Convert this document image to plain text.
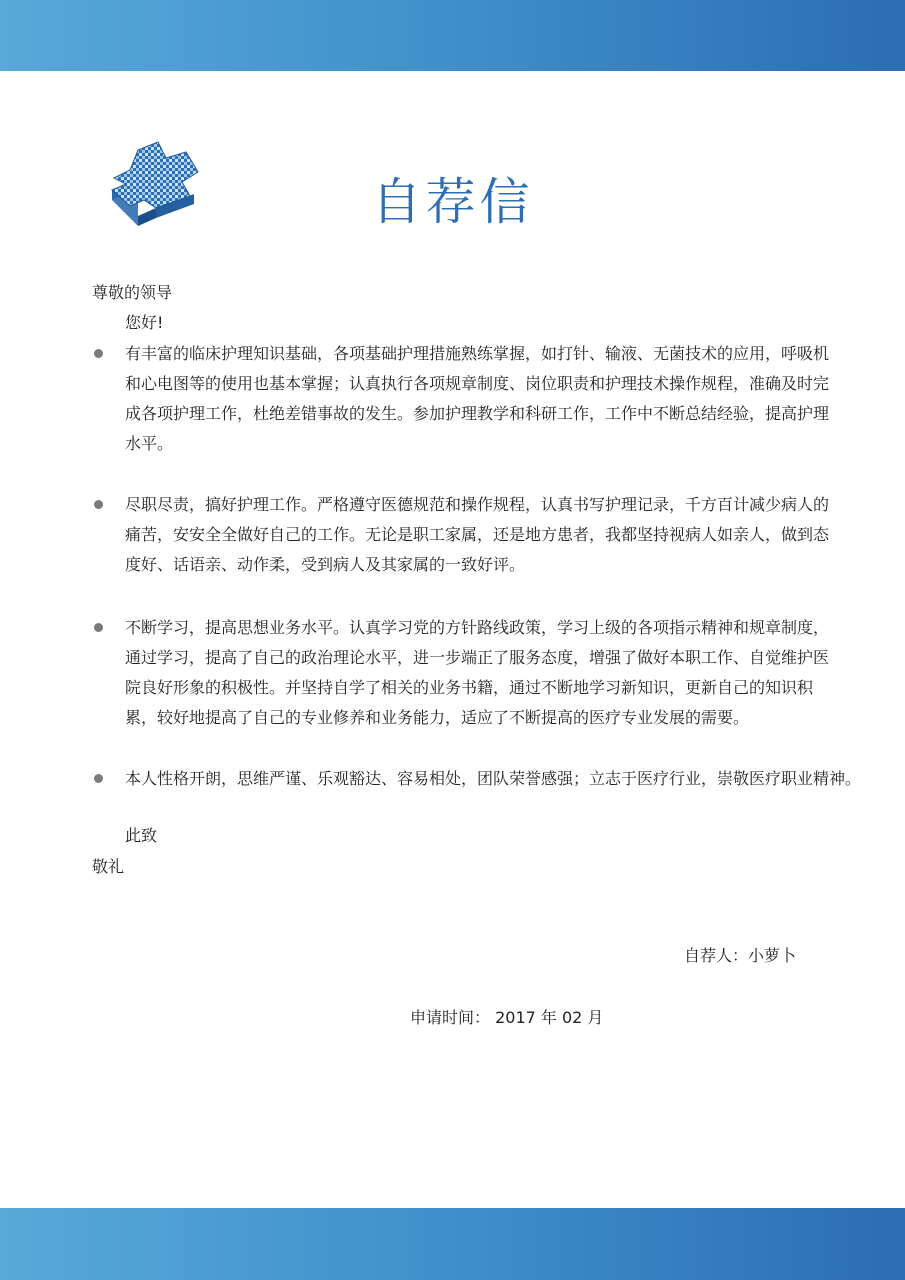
自荐信
尊敬的领导
您好!
有丰富的临床护理知识基础，各项基础护理措施熟练掌握，如打针、输液、无菌技术的应用，呼吸机和心电图等的使用也基本掌握；认真执行各项规章制度、岗位职责和护理技术操作规程，准确及时完成各项护理工作，杜绝差错事故的发生。参加护理教学和科研工作，工作中不断总结经验，提高护理水平。
尽职尽责，搞好护理工作。严格遵守医德规范和操作规程，认真书写护理记录，千方百计减少病人的痛苦，安安全全做好自己的工作。无论是职工家属，还是地方患者，我都坚持视病人如亲人，做到态度好、话语亲、动作柔，受到病人及其家属的一致好评。
不断学习，提高思想业务水平。认真学习党的方针路线政策，学习上级的各项指示精神和规章制度，通过学习，提高了自己的政治理论水平，进一步端正了服务态度，增强了做好本职工作、自觉维护医院良好形象的积极性。并坚持自学了相关的业务书籍，通过不断地学习新知识，更新自己的知识积累，较好地提高了自己的专业修养和业务能力，适应了不断提高的医疗专业发展的需要。
本人性格开朗，思维严谨、乐观豁达、容易相处，团队荣誉感强；立志于医疗行业，崇敬医疗职业精神。
此致
敬礼
自荐人：小萝卜
申请时间： 2017 年 02 月
